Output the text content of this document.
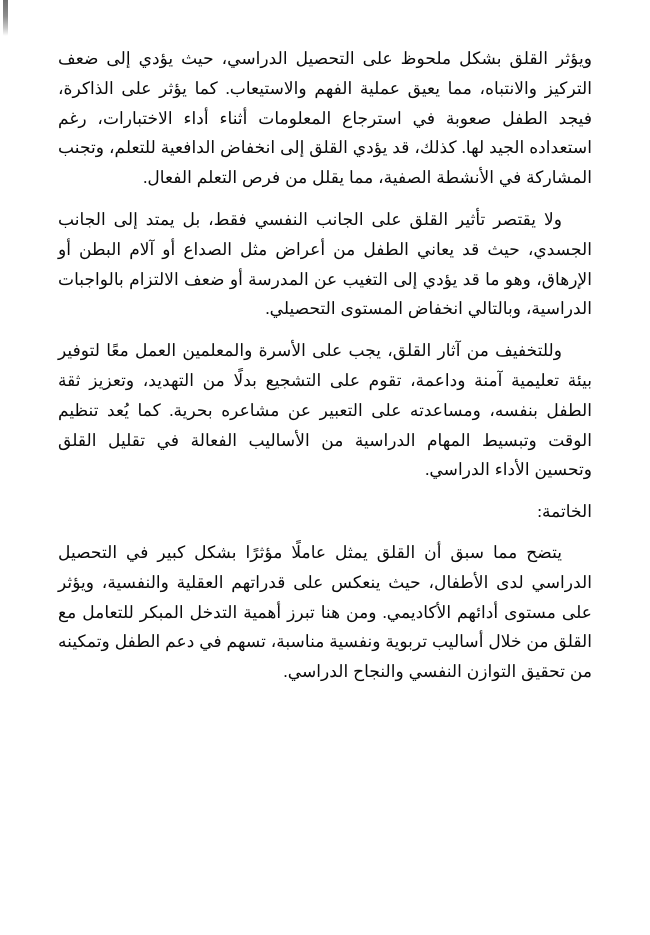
ويؤثر القلق بشكل ملحوظ على التحصيل الدراسي، حيث يؤدي إلى ضعف التركيز والانتباه، مما يعيق عملية الفهم والاستيعاب. كما يؤثر على الذاكرة، فيجد الطفل صعوبة في استرجاع المعلومات أثناء أداء الاختبارات، رغم استعداده الجيد لها. كذلك، قد يؤدي القلق إلى انخفاض الدافعية للتعلم، وتجنب المشاركة في الأنشطة الصفية، مما يقلل من فرص التعلم الفعال.

ولا يقتصر تأثير القلق على الجانب النفسي فقط، بل يمتد إلى الجانب الجسدي، حيث قد يعاني الطفل من أعراض مثل الصداع أو آلام البطن أو الإرهاق، وهو ما قد يؤدي إلى التغيب عن المدرسة أو ضعف الالتزام بالواجبات الدراسية، وبالتالي انخفاض المستوى التحصيلي.

وللتخفيف من آثار القلق، يجب على الأسرة والمعلمين العمل معًا لتوفير بيئة تعليمية آمنة وداعمة، تقوم على التشجيع بدلًا من التهديد، وتعزيز ثقة الطفل بنفسه، ومساعدته على التعبير عن مشاعره بحرية. كما يُعد تنظيم الوقت وتبسيط المهام الدراسية من الأساليب الفعالة في تقليل القلق وتحسين الأداء الدراسي.

الخاتمة:

يتضح مما سبق أن القلق يمثل عاملًا مؤثرًا بشكل كبير في التحصيل الدراسي لدى الأطفال، حيث ينعكس على قدراتهم العقلية والنفسية، ويؤثر على مستوى أدائهم الأكاديمي. ومن هنا تبرز أهمية التدخل المبكر للتعامل مع القلق من خلال أساليب تربوية ونفسية مناسبة، تسهم في دعم الطفل وتمكينه من تحقيق التوازن النفسي والنجاح الدراسي.
